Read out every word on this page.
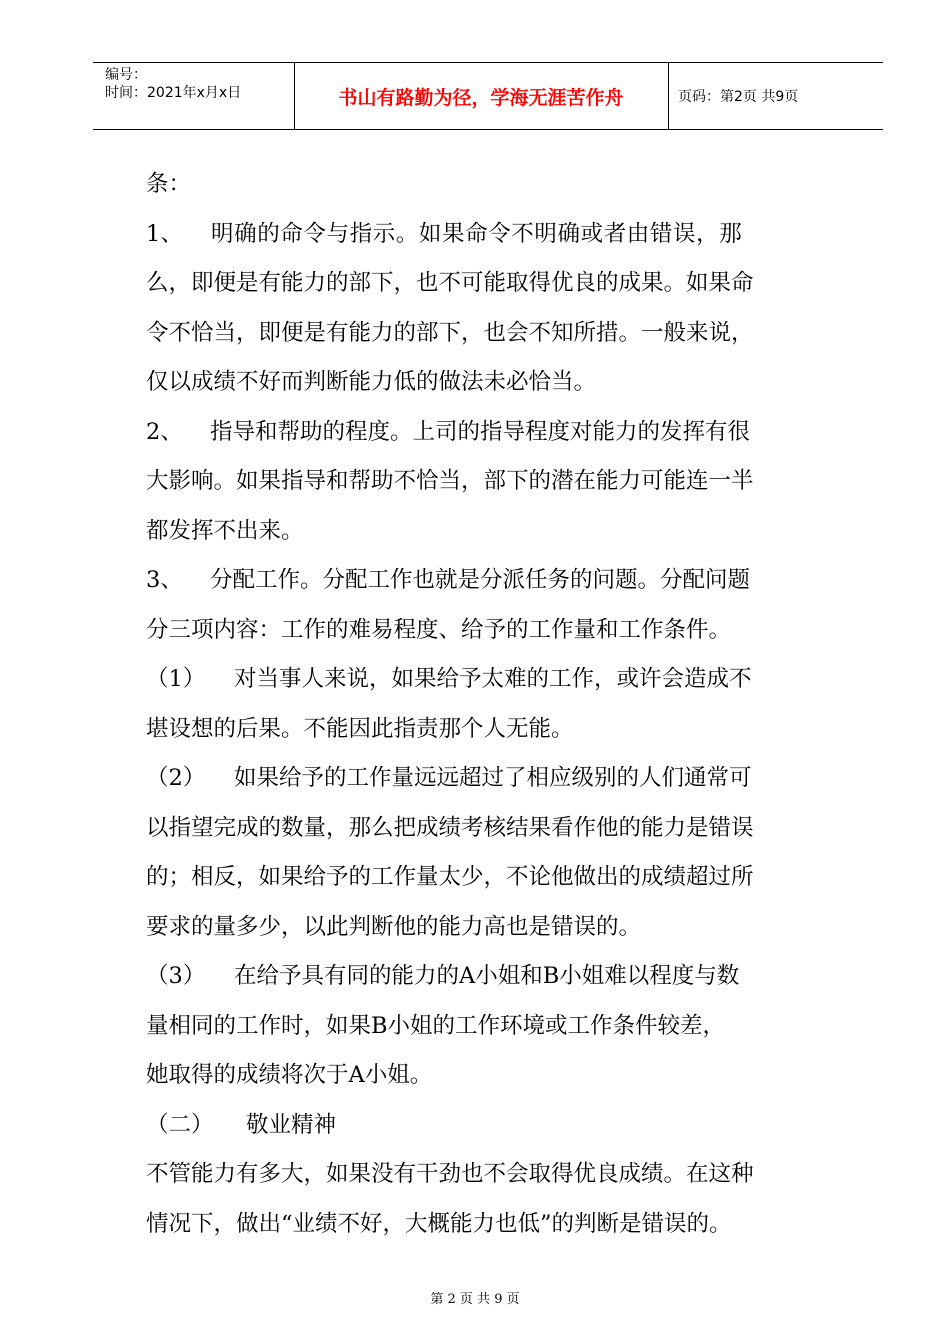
编号：
时间：2021年x月x日	书山有路勤为径，学海无涯苦作舟	页码：第2页 共9页
条：
1、	明确的命令与指示。如果命令不明确或者由错误，那
么，即便是有能力的部下，也不可能取得优良的成果。如果命
令不恰当，即便是有能力的部下，也会不知所措。一般来说，
仅以成绩不好而判断能力低的做法未必恰当。
2、	指导和帮助的程度。上司的指导程度对能力的发挥有很
大影响。如果指导和帮助不恰当，部下的潜在能力可能连一半
都发挥不出来。
3、	分配工作。分配工作也就是分派任务的问题。分配问题
分三项内容：工作的难易程度、给予的工作量和工作条件。
（1）	对当事人来说，如果给予太难的工作，或许会造成不
堪设想的后果。不能因此指责那个人无能。
（2）	如果给予的工作量远远超过了相应级别的人们通常可
以指望完成的数量，那么把成绩考核结果看作他的能力是错误
的；相反，如果给予的工作量太少，不论他做出的成绩超过所
要求的量多少，以此判断他的能力高也是错误的。
（3）	在给予具有同的能力的A小姐和B小姐难以程度与数
量相同的工作时，如果B小姐的工作环境或工作条件较差，
她取得的成绩将次于A小姐。
（二）	敬业精神
不管能力有多大，如果没有干劲也不会取得优良成绩。在这种
情况下，做出“业绩不好，大概能力也低”的判断是错误的。
第 2 页 共 9 页
